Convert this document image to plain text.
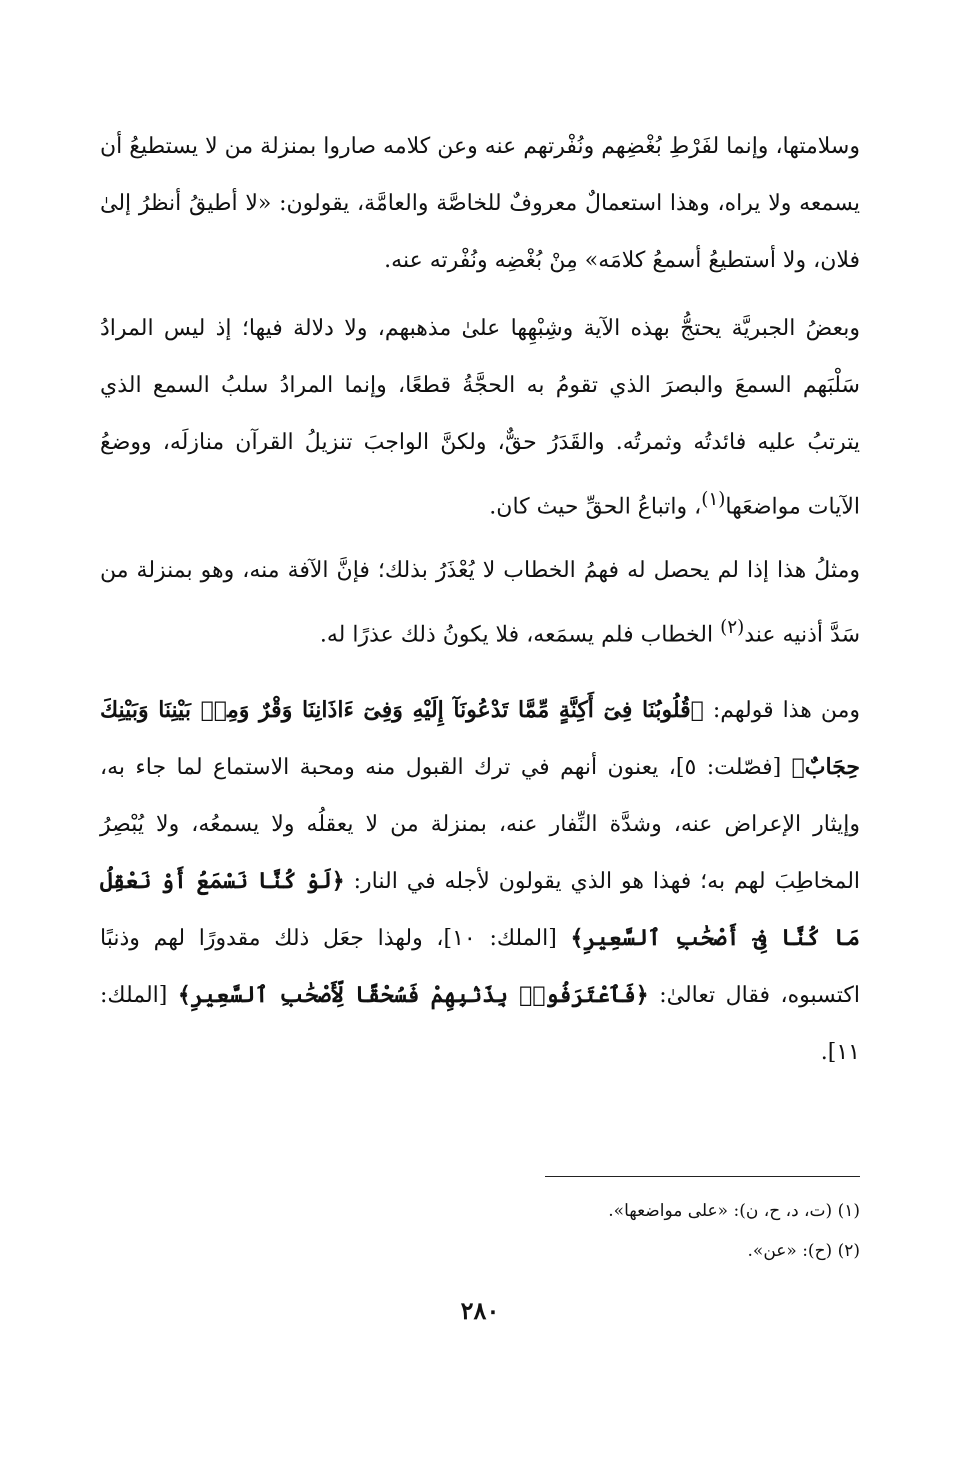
وسلامتها، وإنما لفَرْطِ بُغْضِهم ونُفْرتهم عنه وعن كلامه صاروا بمنزلة من لا يستطيعُ أن يسمعه ولا يراه، وهذا استعمالٌ معروفٌ للخاصَّة والعامَّة، يقولون: «لا أطيقُ أنظرُ إلىٰ فلان، ولا أستطيعُ أسمعُ كلامَه» مِنْ بُغْضِه ونُفْرته عنه.

وبعضُ الجبريَّة يحتجُّ بهذه الآية وشِبْهِها علىٰ مذهبهم، ولا دلالة فيها؛ إذ ليس المرادُ سَلْبَهم السمعَ والبصرَ الذي تقومُ به الحجَّةُ قطعًا، وإنما المرادُ سلبُ السمع الذي يترتبُ عليه فائدتُه وثمرتُه. والقَدَرُ حقٌّ، ولكنَّ الواجبَ تنزيلُ القرآن منازلَه، ووضعُ الآيات مواضعَها$^{(١)}$، واتباعُ الحقِّ حيث كان.

ومثلُ هذا إذا لم يحصل له فهمُ الخطاب لا يُعْذَرُ بذلك؛ فإنَّ الآفة منه، وهو بمنزلة من سَدَّ أذنيه عند$^{(٢)}$ الخطاب فلم يسمَعه، فلا يكونُ ذلك عذرًا له.

ومن هذا قولهم: ﴿قُلُوبُنَا فِىٓ أَكِنَّةٍ مِّمَّا تَدْعُونَآ إِلَيْهِ وَفِىٓ ءَاذَانِنَا وَقْرٌ وَمِنۢ بَيْنِنَا وَبَيْنِكَ حِجَابٌ﴾ [فصّلت: ٥]، يعنون أنهم في ترك القبول منه ومحبة الاستماع لما جاء به، وإيثار الإعراض عنه، وشدَّة النِّفار عنه، بمنزلة من لا يعقلُه ولا يسمعُه، ولا يُبْصِرُ المخاطِبَ لهم به؛ فهذا هو الذي يقولون لأجله في النار: ﴿لَوْ كُنَّا نَسْمَعُ أَوْ نَعْقِلُ مَا كُنَّا فِىٓ أَصْحَٰبِ ٱلسَّعِيرِ﴾ [الملك: ١٠]، ولهذا جعَل ذلك مقدورًا لهم وذنبًا اكتسبوه، فقال تعالىٰ: ﴿فَٱعْتَرَفُوا۟ بِذَنۢبِهِمْ فَسُحْقًا لِّأَصْحَٰبِ ٱلسَّعِيرِ﴾ [الملك: ١١].

(١) (ت، د، ح، ن): «على مواضعها».

(٢) (ح): «عن».

٢٨٠
